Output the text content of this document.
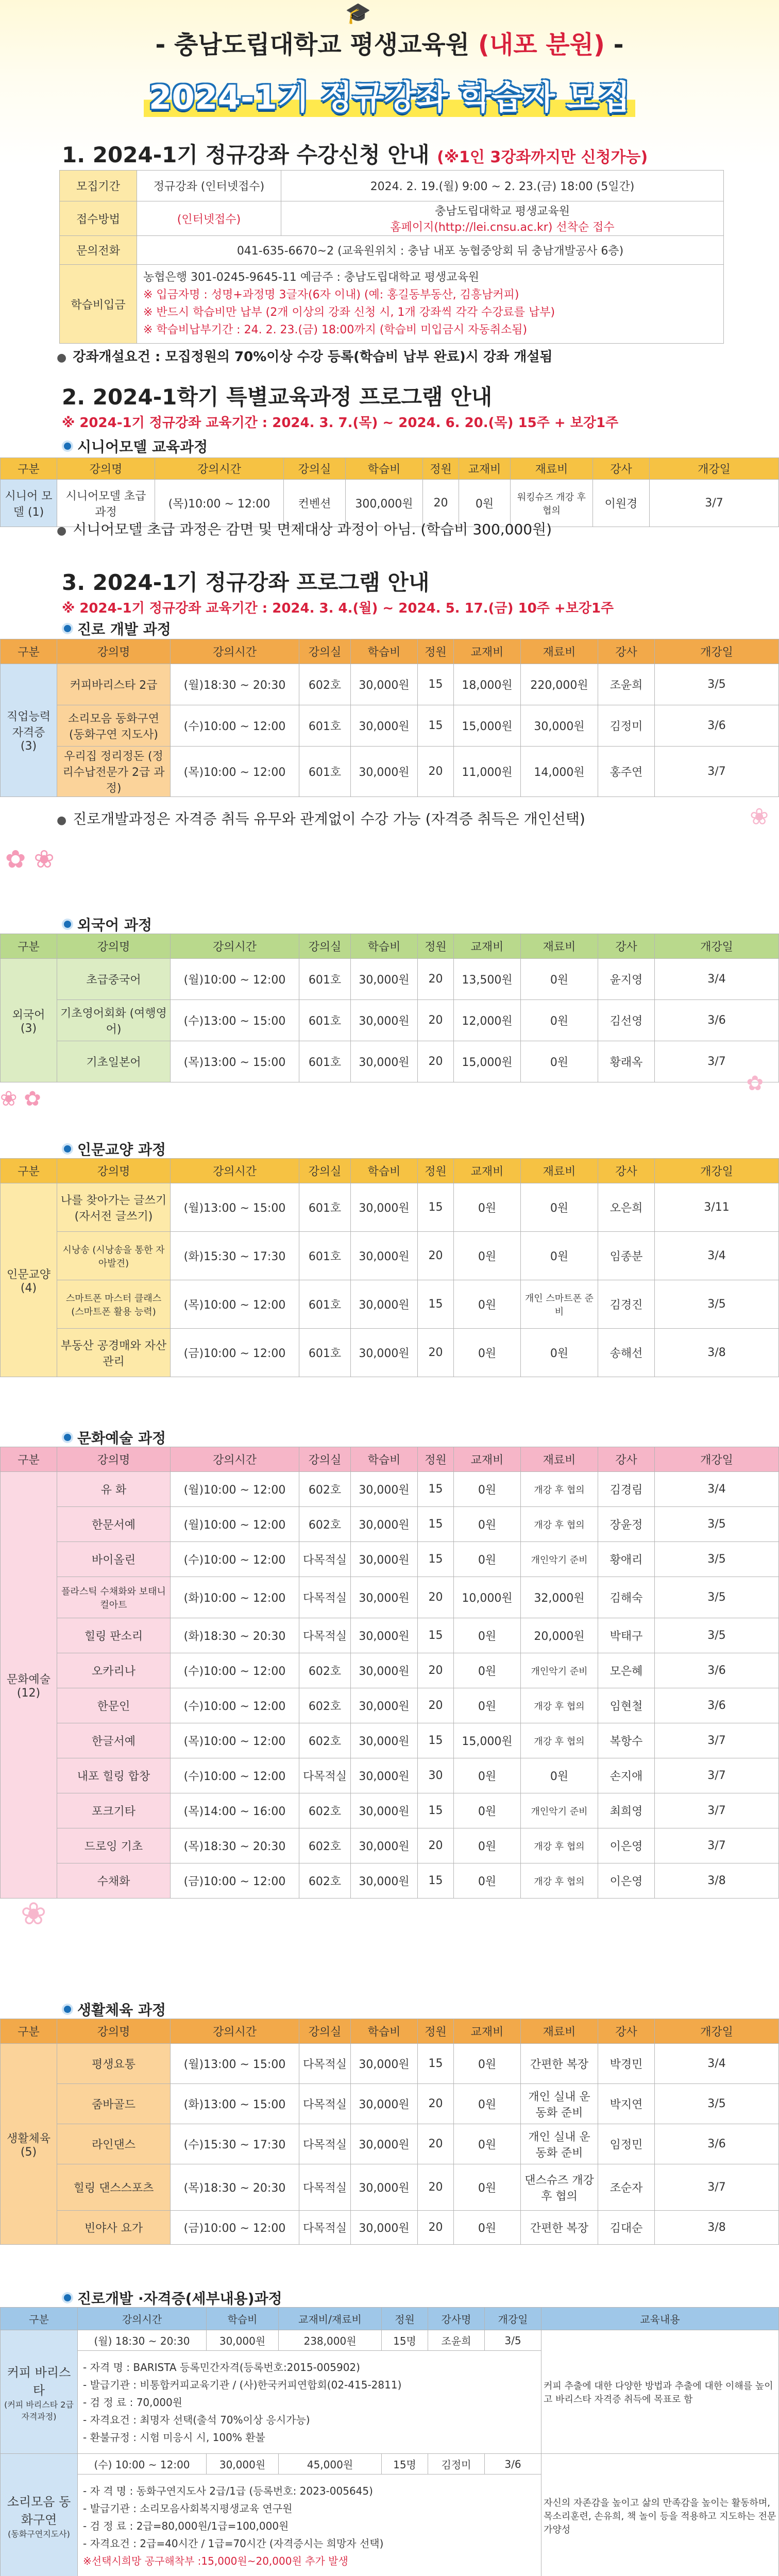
🎓
- 충남도립대학교 평생교육원 (내포 분원) -
2024-1기 정규강좌 학습자 모집
1. 2024-1기 정규강좌 수강신청 안내 (※1인 3강좌까지만 신청가능)
모집기간	정규강좌 (인터넷접수)	2024. 2. 19.(월) 9:00 ~ 2. 23.(금) 18:00 (5일간)
접수방법	(인터넷접수)	충남도립대학교 평생교육원
홈페이지(http://lei.cnsu.ac.kr) 선착순 접수

문의전화	041-635-6670~2 (교육원위치 : 충남 내포 농협중앙회 뒤 충남개발공사 6층)	
학습비입금	농협은행 301-0245-9645-11 예금주 : 충남도립대학교 평생교육원
※ 입금자명 : 성명+과정명 3글자(6자 이내) (예: 홍길동부동산, 김흥남커피)
※ 반드시 학습비만 납부 (2개 이상의 강좌 신청 시, 1개 강좌씩 각각 수강료를 납부)
※ 학습비납부기간 : 24. 2. 23.(금) 18:00까지 (학습비 미입금시 자동취소됨)	
● 강좌개설요건 : 모집정원의 70%이상 수강 등록(학습비 납부 완료)시 강좌 개설됨
2. 2024-1학기 특별교육과정 프로그램 안내
※ 2024-1기 정규강좌 교육기간 : 2024. 3. 7.(목) ~ 2024. 6. 20.(목) 15주 + 보강1주
시니어모델 교육과정
구분	강의명	강의시간	강의실	학습비	정원	교재비	재료비	강사	개강일
시니어 모델 (1)	시니어모델 초급 과정	(목)10:00 ~ 12:00	컨벤션	300,000원	20	0원	워킹슈즈 개강 후 협의	이원경	3/7
● 시니어모델 초급 과정은 감면 및 면제대상 과정이 아님. (학습비 300,000원)
3. 2024-1기 정규강좌 프로그램 안내
※ 2024-1기 정규강좌 교육기간 : 2024. 3. 4.(월) ~ 2024. 5. 17.(금) 10주 +보강1주
진로 개발 과정
구분	강의명	강의시간	강의실	학습비	정원	교재비	재료비	강사	개강일
직업능력 자격증 (3)	커피바리스타 2급	(월)18:30 ~ 20:30	602호	30,000원	15	18,000원	220,000원	조윤희	3/5
	소리모음 동화구연 (동화구연 지도사)	(수)10:00 ~ 12:00	601호	30,000원	15	15,000원	30,000원	김정미	3/6
	우리집 정리정돈 (정리수납전문가 2급 과정)	(목)10:00 ~ 12:00	601호	30,000원	20	11,000원	14,000원	홍주연	3/7
● 진로개발과정은 자격증 취득 유무와 관계없이 수강 가능 (자격증 취득은 개인선택)
✿ ❀
❀
외국어 과정
구분	강의명	강의시간	강의실	학습비	정원	교재비	재료비	강사	개강일
외국어 (3)	초급중국어	(월)10:00 ~ 12:00	601호	30,000원	20	13,500원	0원	윤지영	3/4
	기초영어회화 (여행영어)	(수)13:00 ~ 15:00	601호	30,000원	20	12,000원	0원	김선영	3/6
	기초일본어	(목)13:00 ~ 15:00	601호	30,000원	20	15,000원	0원	황래옥	3/7
❀ ✿
✿
인문교양 과정
구분	강의명	강의시간	강의실	학습비	정원	교재비	재료비	강사	개강일
인문교양 (4)	나를 찾아가는 글쓰기 (자서전 글쓰기)	(월)13:00 ~ 15:00	601호	30,000원	15	0원	0원	오은희	3/11
	시낭송 (시낭송을 통한 자아발견)	(화)15:30 ~ 17:30	601호	30,000원	20	0원	0원	임종분	3/4
	스마트폰 마스터 클래스 (스마트폰 활용 능력)	(목)10:00 ~ 12:00	601호	30,000원	15	0원	개인 스마트폰 준비	김경진	3/5
	부동산 공경매와 자산관리	(금)10:00 ~ 12:00	601호	30,000원	20	0원	0원	송해선	3/8
문화예술 과정
구분	강의명	강의시간	강의실	학습비	정원	교재비	재료비	강사	개강일
문화예술 (12)	유 화	(월)10:00 ~ 12:00	602호	30,000원	15	0원	개강 후 협의	김경림	3/4
	한문서예	(월)10:00 ~ 12:00	602호	30,000원	15	0원	개강 후 협의	장윤정	3/5
	바이올린	(수)10:00 ~ 12:00	다목적실	30,000원	15	0원	개인악기 준비	황애리	3/5
	플라스틱 수채화와 보태니컬아트	(화)10:00 ~ 12:00	다목적실	30,000원	20	10,000원	32,000원	김해숙	3/5
	힐링 판소리	(화)18:30 ~ 20:30	다목적실	30,000원	15	0원	20,000원	박태구	3/5
	오카리나	(수)10:00 ~ 12:00	602호	30,000원	20	0원	개인악기 준비	모은혜	3/6
	한문인	(수)10:00 ~ 12:00	602호	30,000원	20	0원	개강 후 협의	임현철	3/6
	한글서예	(목)10:00 ~ 12:00	602호	30,000원	15	15,000원	개강 후 협의	복항수	3/7
	내포 힐링 합창	(수)10:00 ~ 12:00	다목적실	30,000원	30	0원	0원	손지애	3/7
	포크기타	(목)14:00 ~ 16:00	602호	30,000원	15	0원	개인악기 준비	최희영	3/7
	드로잉 기초	(목)18:30 ~ 20:30	602호	30,000원	20	0원	개강 후 협의	이은영	3/7
	수채화	(금)10:00 ~ 12:00	602호	30,000원	15	0원	개강 후 협의	이은영	3/8
❀
생활체육 과정
구분	강의명	강의시간	강의실	학습비	정원	교재비	재료비	강사	개강일
생활체육 (5)	평생요통	(월)13:00 ~ 15:00	다목적실	30,000원	15	0원	간편한 복장	박경민	3/4
	줌바골드	(화)13:00 ~ 15:00	다목적실	30,000원	20	0원	개인 실내 운동화 준비	박지연	3/5
	라인댄스	(수)15:30 ~ 17:30	다목적실	30,000원	20	0원	개인 실내 운동화 준비	임정민	3/6
	힐링 댄스스포츠	(목)18:30 ~ 20:30	다목적실	30,000원	20	0원	댄스슈즈 개강 후 협의	조순자	3/7
	빈야사 요가	(금)10:00 ~ 12:00	다목적실	30,000원	20	0원	간편한 복장	김대순	3/8
진로개발 ·자격증(세부내용)과정
구분	강의시간	학습비	교재비/재료비	정원	강사명	개강일	교육내용

커피 바리스타
(커피 바리스타 2급 자격과정)	(월) 18:30 ~ 20:30	30,000원	238,000원	15명	조윤희	3/5	커피 추출에 대한 다양한 방법과 추출에 대한 이해를 높이고 바리스타 자격증 취득에 목표로 함

	- 자격 명 : BARISTA 등록민간자격(등록번호:2015-005902)
- 발급기관 : 비통합커피교육기관 / (사)한국커피연합회(02-415-2811)
- 검 정 료 : 70,000원
- 자격요건 : 최명자 선택(출석 70%이상 응시가능)
- 환불규정 : 시험 미응시 시, 100% 환불						

소리모음 동화구연
(동화구연지도사)	(수) 10:00 ~ 12:00	30,000원	45,000원	15명	김정미	3/6	자신의 자존감을 높이고 삶의 만족감을 높이는 활동하며, 목소리훈련, 손유희, 책 놀이 등을 적용하고 지도하는 전문가양성

	- 자 격 명 : 동화구연지도사 2급/1급 (등록번호: 2023-005645)
- 발급기관 : 소리모음사회복지평생교육 연구원
- 검 정 료 : 2급=80,000원/1급=100,000원
- 자격요건 : 2급=40시간 / 1급=70시간 (자격증시는 희망자 선택)
※선택시희망 공구해착부 :15,000원~20,000원 추가 발생						
